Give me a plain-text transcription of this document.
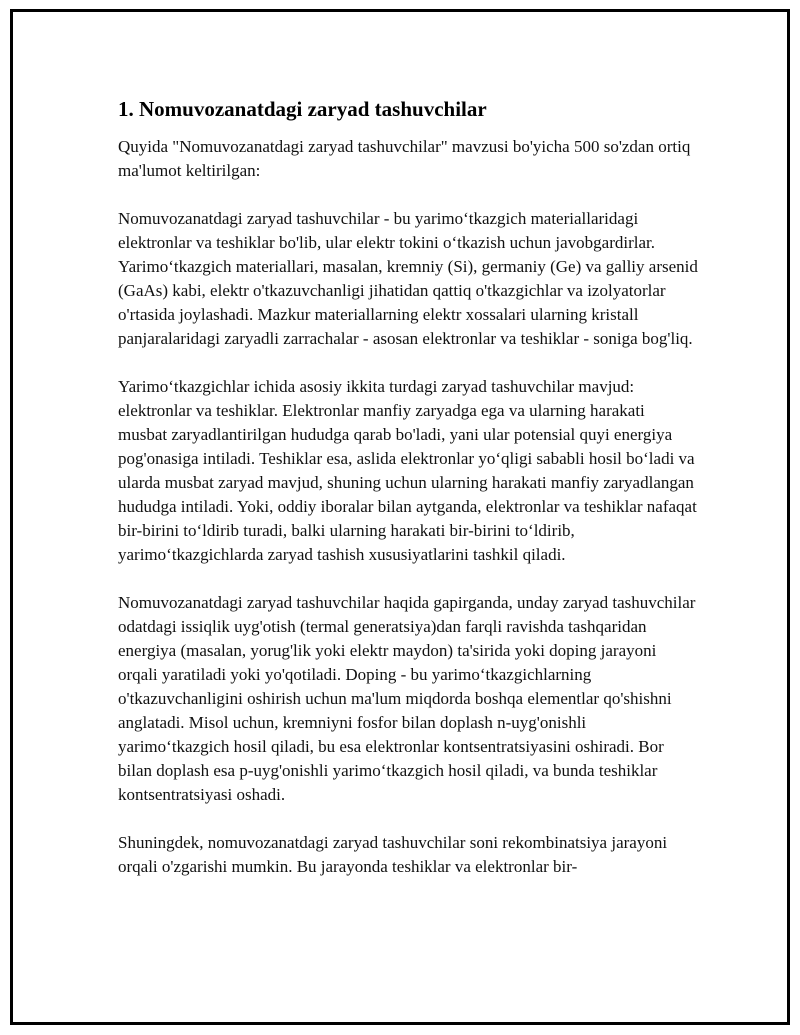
1. Nomuvozanatdagi zaryad tashuvchilar

Quyida "Nomuvozanatdagi zaryad tashuvchilar" mavzusi bo'yicha 500 so'zdan ortiq ma'lumot keltirilgan:

Nomuvozanatdagi zaryad tashuvchilar - bu yarimo‘tkazgich materiallaridagi elektronlar va teshiklar bo'lib, ular elektr tokini o‘tkazish uchun javobgardirlar. Yarimo‘tkazgich materiallari, masalan, kremniy (Si), germaniy (Ge) va galliy arsenid (GaAs) kabi, elektr o'tkazuvchanligi jihatidan qattiq o'tkazgichlar va izolyatorlar o'rtasida joylashadi. Mazkur materiallarning elektr xossalari ularning kristall panjaralaridagi zaryadli zarrachalar - asosan elektronlar va teshiklar - soniga bog'liq.

Yarimo‘tkazgichlar ichida asosiy ikkita turdagi zaryad tashuvchilar mavjud: elektronlar va teshiklar. Elektronlar manfiy zaryadga ega va ularning harakati musbat zaryadlantirilgan hududga qarab bo'ladi, yani ular potensial quyi energiya pog'onasiga intiladi. Teshiklar esa, aslida elektronlar yo‘qligi sababli hosil bo‘ladi va ularda musbat zaryad mavjud, shuning uchun ularning harakati manfiy zaryadlangan hududga intiladi. Yoki, oddiy iboralar bilan aytganda, elektronlar va teshiklar nafaqat bir-birini to‘ldirib turadi, balki ularning harakati bir-birini to‘ldirib, yarimo‘tkazgichlarda zaryad tashish xususiyatlarini tashkil qiladi.

Nomuvozanatdagi zaryad tashuvchilar haqida gapirganda, unday zaryad tashuvchilar odatdagi issiqlik uyg'otish (termal generatsiya)dan farqli ravishda tashqaridan energiya (masalan, yorug'lik yoki elektr maydon) ta'sirida yoki doping jarayoni orqali yaratiladi yoki yo'qotiladi. Doping - bu yarimo‘tkazgichlarning o'tkazuvchanligini oshirish uchun ma'lum miqdorda boshqa elementlar qo'shishni anglatadi. Misol uchun, kremniyni fosfor bilan doplash n-uyg'onishli yarimo‘tkazgich hosil qiladi, bu esa elektronlar kontsentratsiyasini oshiradi. Bor bilan doplash esa p-uyg'onishli yarimo‘tkazgich hosil qiladi, va bunda teshiklar kontsentratsiyasi oshadi.

Shuningdek, nomuvozanatdagi zaryad tashuvchilar soni rekombinatsiya jarayoni orqali o'zgarishi mumkin. Bu jarayonda teshiklar va elektronlar bir-
